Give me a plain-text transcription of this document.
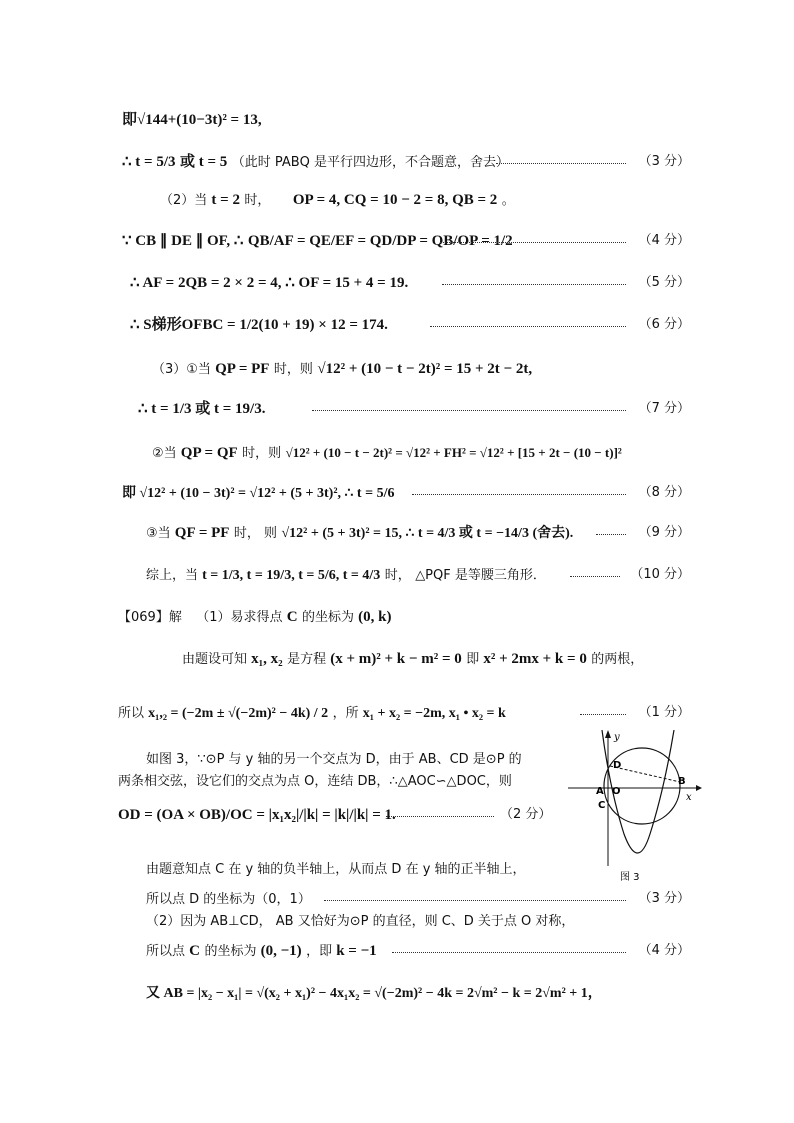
即√144+(10−3t)² = 13,
∴ t = 5/3 或 t = 5 （此时 PABQ 是平行四边形，不合题意，舍去）	（3 分）
（2）当 t = 2 时， OP = 4, CQ = 10 − 2 = 8, QB = 2 。
∵ CB ∥ DE ∥ OF, ∴ QB/AF = QE/EF = QD/DP = QB/OP = 1/2	（4 分）
∴ AF = 2QB = 2 × 2 = 4, ∴ OF = 15 + 4 = 19.	（5 分）
∴ S梯形OFBC = 1/2(10 + 19) × 12 = 174.	（6 分）
（3）①当 QP = PF 时，则 √12² + (10 − t − 2t)² = 15 + 2t − 2t,
∴ t = 1/3 或 t = 19/3.	（7 分）
②当 QP = QF 时，则 √12² + (10 − t − 2t)² = √12² + FH² = √12² + [15 + 2t − (10 − t)]²
即 √12² + (10 − 3t)² = √12² + (5 + 3t)², ∴ t = 5/6	（8 分）
③当 QF = PF 时， 则 √12² + (5 + 3t)² = 15, ∴ t = 4/3 或 t = −14/3 (舍去).	（9 分）
综上，当 t = 1/3, t = 19/3, t = 5/6, t = 4/3 时， △PQF 是等腰三角形．	（10 分）
【069】解 （1）易求得点 C 的坐标为 (0, k)
由题设可知 x₁, x₂ 是方程 (x + m)² + k − m² = 0 即 x² + 2mx + k = 0 的两根，
所以 x₁,₂ = (−2m ± √(−2m)² − 4k) / 2 ，所 x₁ + x₂ = −2m, x₁ • x₂ = k	（1 分）
如图 3，∵⊙P 与 y 轴的另一个交点为 D，由于 AB、CD 是⊙P 的
两条相交弦，设它们的交点为点 O，连结 DB，∴△AOC∽△DOC，则
OD = (OA × OB)/OC = |x₁x₂|/|k| = |k|/|k| = 1.	（2 分）
由题意知点 C 在 y 轴的负半轴上，从而点 D 在 y 轴的正半轴上，
所以点 D 的坐标为（0，1）	（3 分）
（2）因为 AB⊥CD， AB 又恰好为⊙P 的直径，则 C、D 关于点 O 对称，
所以点 C 的坐标为 (0, −1) ，即 k = −1	（4 分）
又 AB = |x₂ − x₁| = √(x₂ + x₁)² − 4x₁x₂ = √(−2m)² − 4k = 2√m² − k = 2√m² + 1，
y
x
D
B
A O
C
图 3
